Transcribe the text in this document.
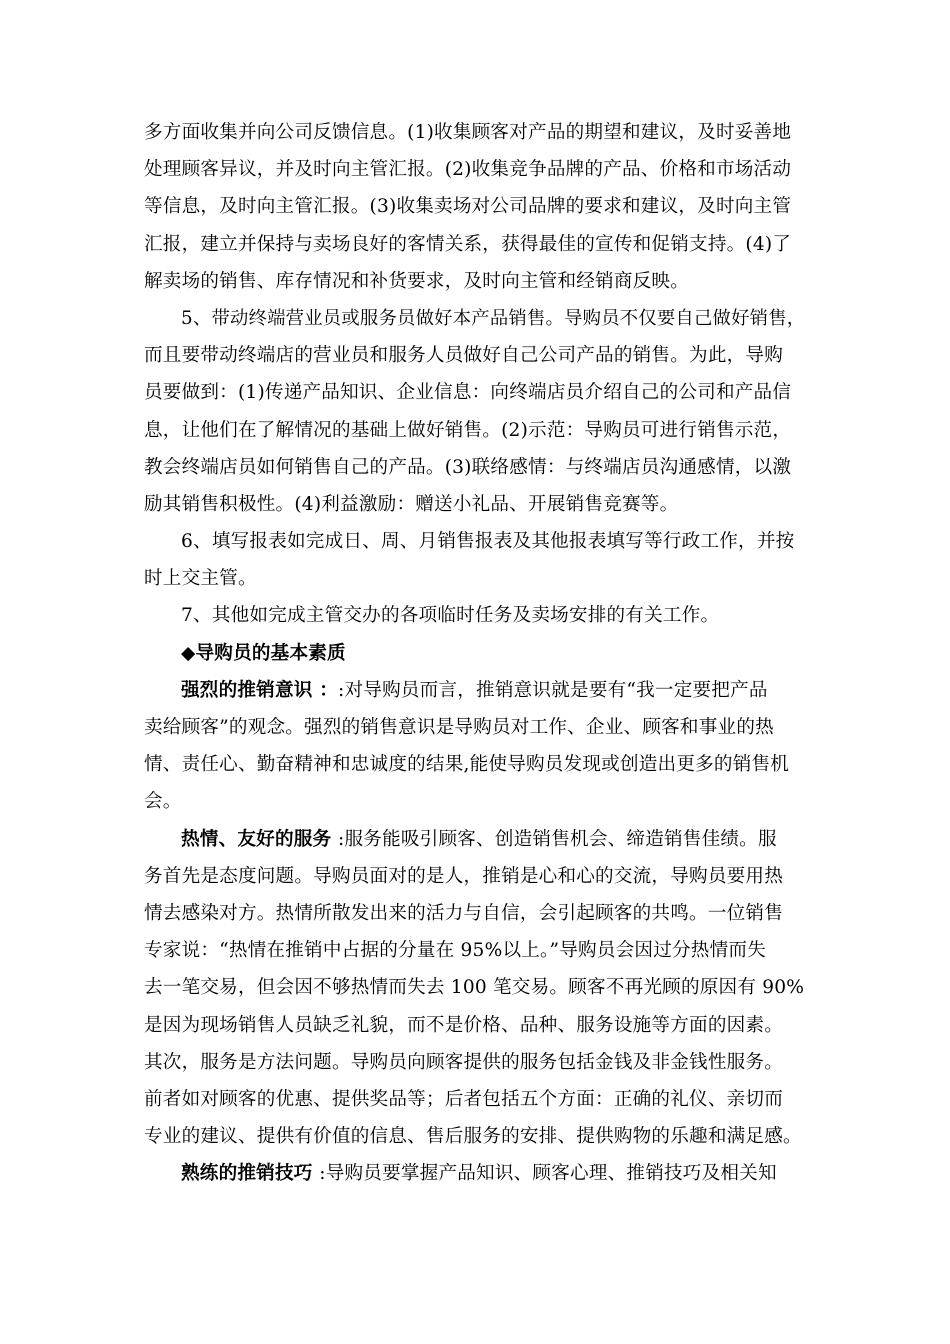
多方面收集并向公司反馈信息。(1)收集顾客对产品的期望和建议，及时妥善地
处理顾客异议，并及时向主管汇报。(2)收集竞争品牌的产品、价格和市场活动
等信息，及时向主管汇报。(3)收集卖场对公司品牌的要求和建议，及时向主管
汇报，建立并保持与卖场良好的客情关系，获得最佳的宣传和促销支持。(4)了
解卖场的销售、库存情况和补货要求，及时向主管和经销商反映。
5、带动终端营业员或服务员做好本产品销售。导购员不仅要自己做好销售，
而且要带动终端店的营业员和服务人员做好自己公司产品的销售。为此，导购
员要做到：(1)传递产品知识、企业信息：向终端店员介绍自己的公司和产品信
息，让他们在了解情况的基础上做好销售。(2)示范：导购员可进行销售示范，
教会终端店员如何销售自己的产品。(3)联络感情：与终端店员沟通感情，以激
励其销售积极性。(4)利益激励：赠送小礼品、开展销售竞赛等。
6、填写报表如完成日、周、月销售报表及其他报表填写等行政工作，并按
时上交主管。
7、其他如完成主管交办的各项临时任务及卖场安排的有关工作。
◆导购员的基本素质
强烈的推销意识 ：:对导购员而言，推销意识就是要有“我一定要把产品
卖给顾客”的观念。强烈的销售意识是导购员对工作、企业、顾客和事业的热
情、责任心、勤奋精神和忠诚度的结果,能使导购员发现或创造出更多的销售机
会。
热情、友好的服务 :服务能吸引顾客、创造销售机会、缔造销售佳绩。服
务首先是态度问题。导购员面对的是人，推销是心和心的交流，导购员要用热
情去感染对方。热情所散发出来的活力与自信，会引起顾客的共鸣。一位销售
专家说：“热情在推销中占据的分量在 95%以上。”导购员会因过分热情而失
去一笔交易，但会因不够热情而失去 100 笔交易。顾客不再光顾的原因有 90%
是因为现场销售人员缺乏礼貌，而不是价格、品种、服务设施等方面的因素。
其次，服务是方法问题。导购员向顾客提供的服务包括金钱及非金钱性服务。
前者如对顾客的优惠、提供奖品等；后者包括五个方面：正确的礼仪、亲切而
专业的建议、提供有价值的信息、售后服务的安排、提供购物的乐趣和满足感。
熟练的推销技巧 :导购员要掌握产品知识、顾客心理、推销技巧及相关知
